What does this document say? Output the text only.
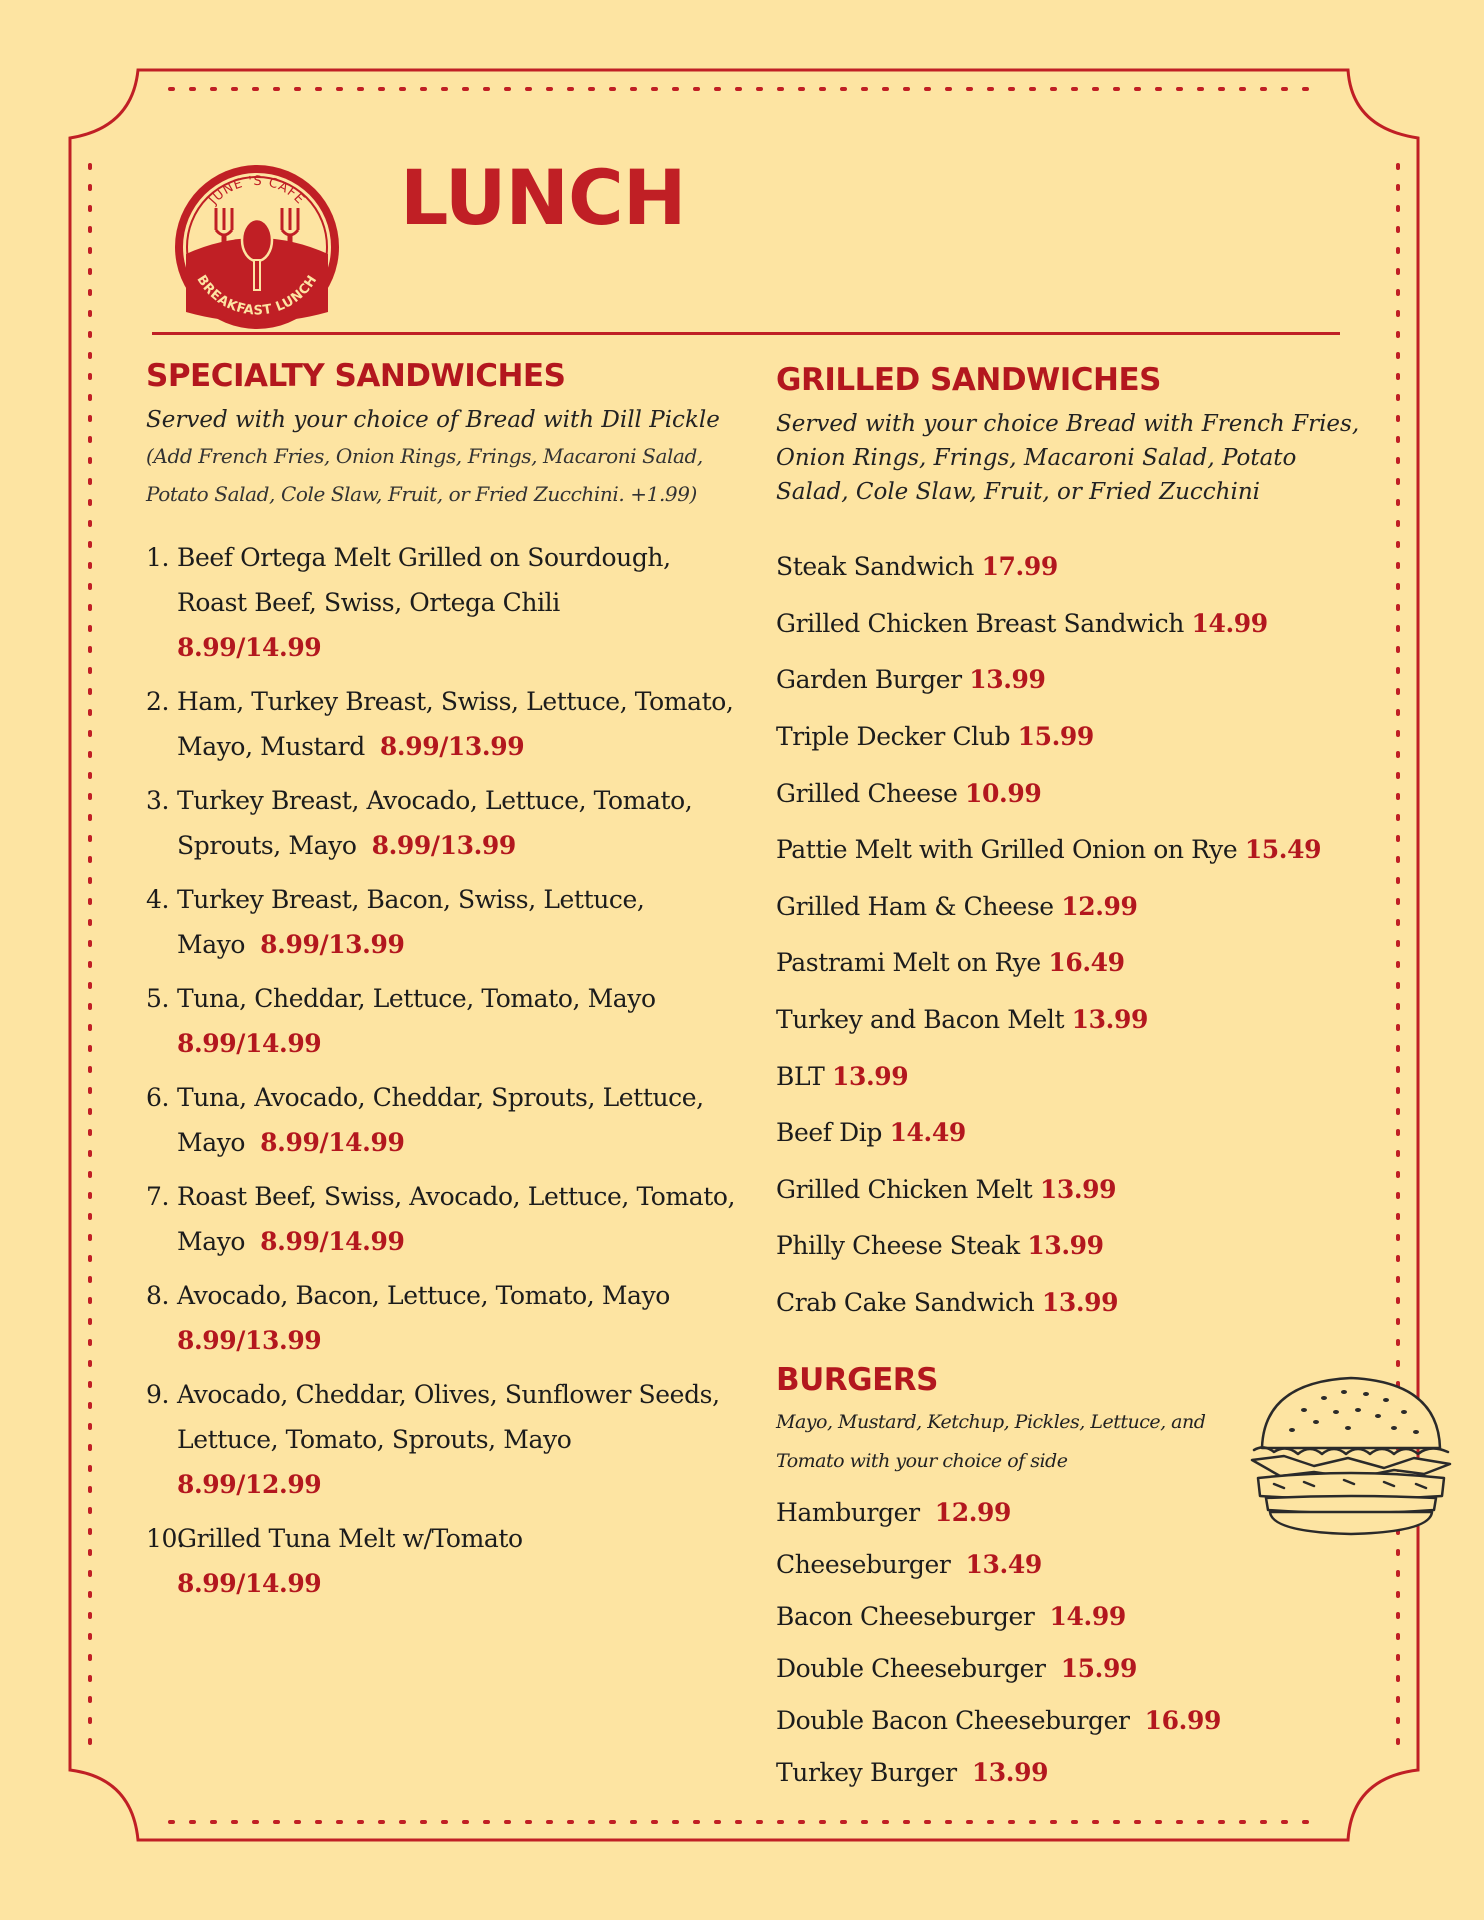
JUNE 'S CAFE
BREAKFAST LUNCH
LUNCH
SPECIALTY SANDWICHES
Served with your choice of Bread with Dill Pickle
(Add French Fries, Onion Rings, Frings, Macaroni Salad,
Potato Salad, Cole Slaw, Fruit, or Fried Zucchini. +1.99)
1. Beef Ortega Melt Grilled on Sourdough, Roast Beef, Swiss, Ortega Chili
8.99/14.99
2. Ham, Turkey Breast, Swiss, Lettuce, Tomato, Mayo, Mustard 8.99/13.99
3. Turkey Breast, Avocado, Lettuce, Tomato, Sprouts, Mayo 8.99/13.99
4. Turkey Breast, Bacon, Swiss, Lettuce, Mayo 8.99/13.99
5. Tuna, Cheddar, Lettuce, Tomato, Mayo
8.99/14.99
6. Tuna, Avocado, Cheddar, Sprouts, Lettuce, Mayo 8.99/14.99
7. Roast Beef, Swiss, Avocado, Lettuce, Tomato, Mayo 8.99/14.99
8. Avocado, Bacon, Lettuce, Tomato, Mayo
8.99/13.99
9. Avocado, Cheddar, Olives, Sunflower Seeds, Lettuce, Tomato, Sprouts, Mayo
8.99/12.99
10.
Grilled Tuna Melt w/Tomato
8.99/14.99
GRILLED SANDWICHES
Served with your choice Bread with French Fries, Onion Rings, Frings, Macaroni Salad, Potato Salad, Cole Slaw, Fruit, or Fried Zucchini
Steak Sandwich 17.99
Grilled Chicken Breast Sandwich 14.99
Garden Burger 13.99
Triple Decker Club 15.99
Grilled Cheese 10.99
Pattie Melt with Grilled Onion on Rye 15.49
Grilled Ham & Cheese 12.99
Pastrami Melt on Rye 16.49
Turkey and Bacon Melt 13.99
BLT 13.99
Beef Dip 14.49
Grilled Chicken Melt 13.99
Philly Cheese Steak 13.99
Crab Cake Sandwich 13.99
BURGERS
Mayo, Mustard, Ketchup, Pickles, Lettuce, and
Tomato with your choice of side
Hamburger 12.99
Cheeseburger 13.49
Bacon Cheeseburger 14.99
Double Cheeseburger 15.99
Double Bacon Cheeseburger 16.99
Turkey Burger 13.99
